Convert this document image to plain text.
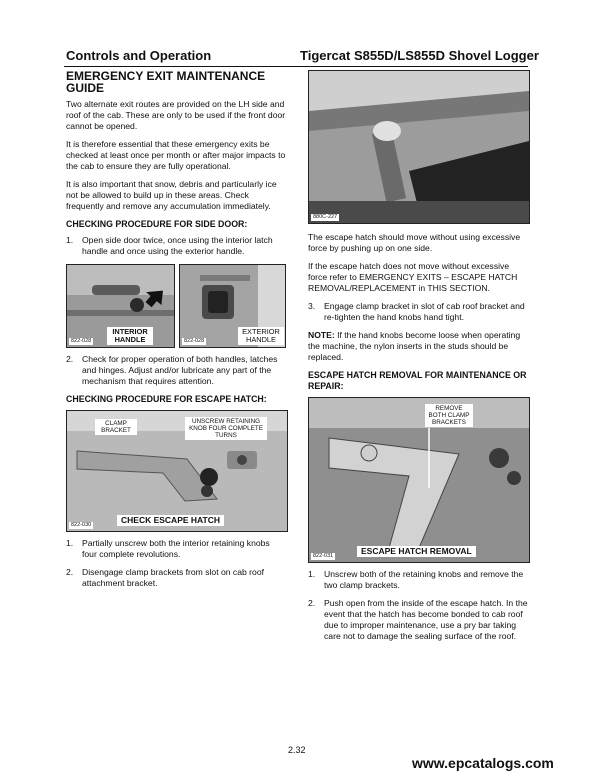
Controls and Operation	Tigercat S855D/LS855D Shovel Logger
EMERGENCY EXIT MAINTENANCE GUIDE

Two alternate exit routes are provided on the LH side and roof of the cab. These are only to be used if the front door cannot be opened.

It is therefore essential that these emergency exits be checked at least once per month or after major impacts to the cab to ensure they are fully operational.

It is also important that snow, debris and particularly ice not be allowed to build up in these areas. Check frequently and remove any accumulation immediately.

CHECKING PROCEDURE FOR SIDE DOOR:
1.	Open side door twice, once using the interior latch handle and once using the exterior handle.
822-028
INTERIOR HANDLE	822-028
EXTERIOR HANDLE
2.	Check for proper operation of both handles, latches and hinges. Adjust and/or lubricate any part of the mechanism that requires attention.
CHECKING PROCEDURE FOR ESCAPE HATCH:
822-030
CLAMP BRACKET
UNSCREW RETAINING KNOB FOUR COMPLETE TURNS
CHECK ESCAPE HATCH
1.	Partially unscrew both the interior retaining knobs four complete revolutions.
2.	Disengage clamp brackets from slot on cab roof attachment bracket.
880C-227

The escape hatch should move without using excessive force by pushing up on one side.

If the escape hatch does not move without excessive force refer to EMERGENCY EXITS – ESCAPE HATCH REMOVAL/REPLACEMENT in THIS SECTION.

3.	Engage clamp bracket in slot of cab roof bracket and re-tighten the hand knobs hand tight.

NOTE: If the hand knobs become loose when operating the machine, the nylon inserts in the studs should be replaced.

ESCAPE HATCH REMOVAL FOR MAINTENANCE OR REPAIR:
822-031
REMOVE BOTH CLAMP BRACKETS
ESCAPE HATCH REMOVAL
1.	Unscrew both of the retaining knobs and remove the two clamp brackets.
2.	Push open from the inside of the escape hatch. In the event that the hatch has become bonded to cab roof due to improper maintenance, use a pry bar taking care not to damage the sealing surface of the roof.
2.32
www.epcatalogs.com
